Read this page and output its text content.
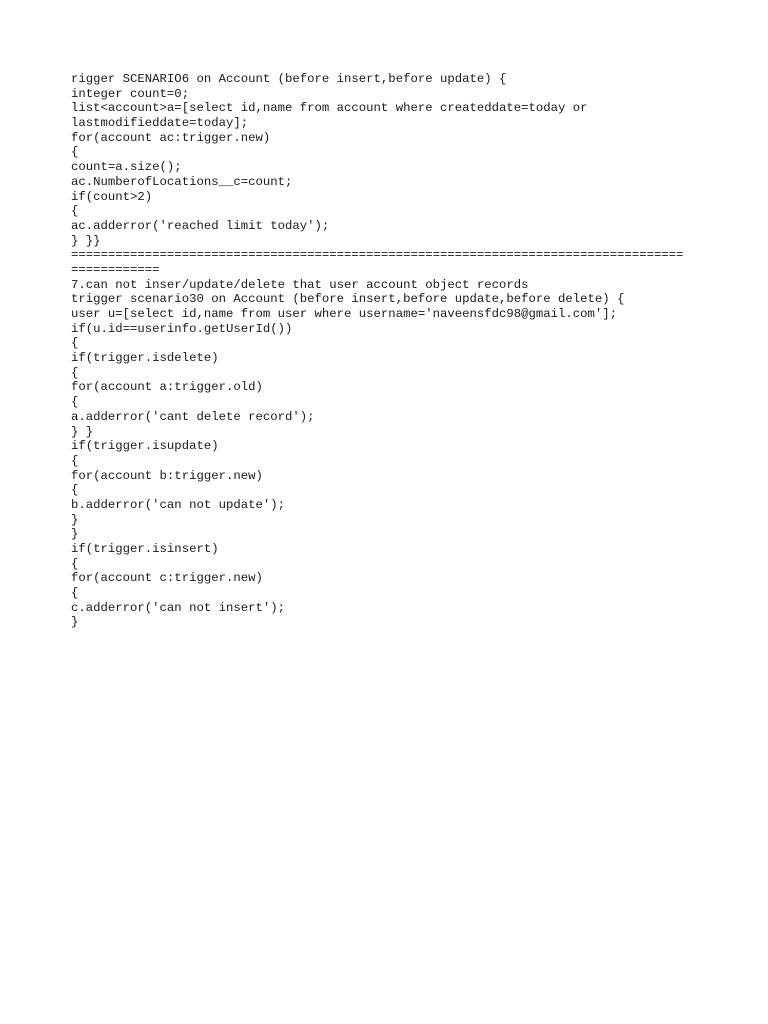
rigger SCENARIO6 on Account (before insert,before update) {
integer count=0;
list<account>a=[select id,name from account where createddate=today or
lastmodifieddate=today];
for(account ac:trigger.new)
{
count=a.size();
ac.NumberofLocations__c=count;
if(count>2)
{
ac.adderror('reached limit today');
} }}
===================================================================================
============
7.can not inser/update/delete that user account object records
trigger scenario30 on Account (before insert,before update,before delete) {
user u=[select id,name from user where username='naveensfdc98@gmail.com'];
if(u.id==userinfo.getUserId())
{
if(trigger.isdelete)
{
for(account a:trigger.old)
{
a.adderror('cant delete record');
} }
if(trigger.isupdate)
{
for(account b:trigger.new)
{
b.adderror('can not update');
}
}
if(trigger.isinsert)
{
for(account c:trigger.new)
{
c.adderror('can not insert');
}
